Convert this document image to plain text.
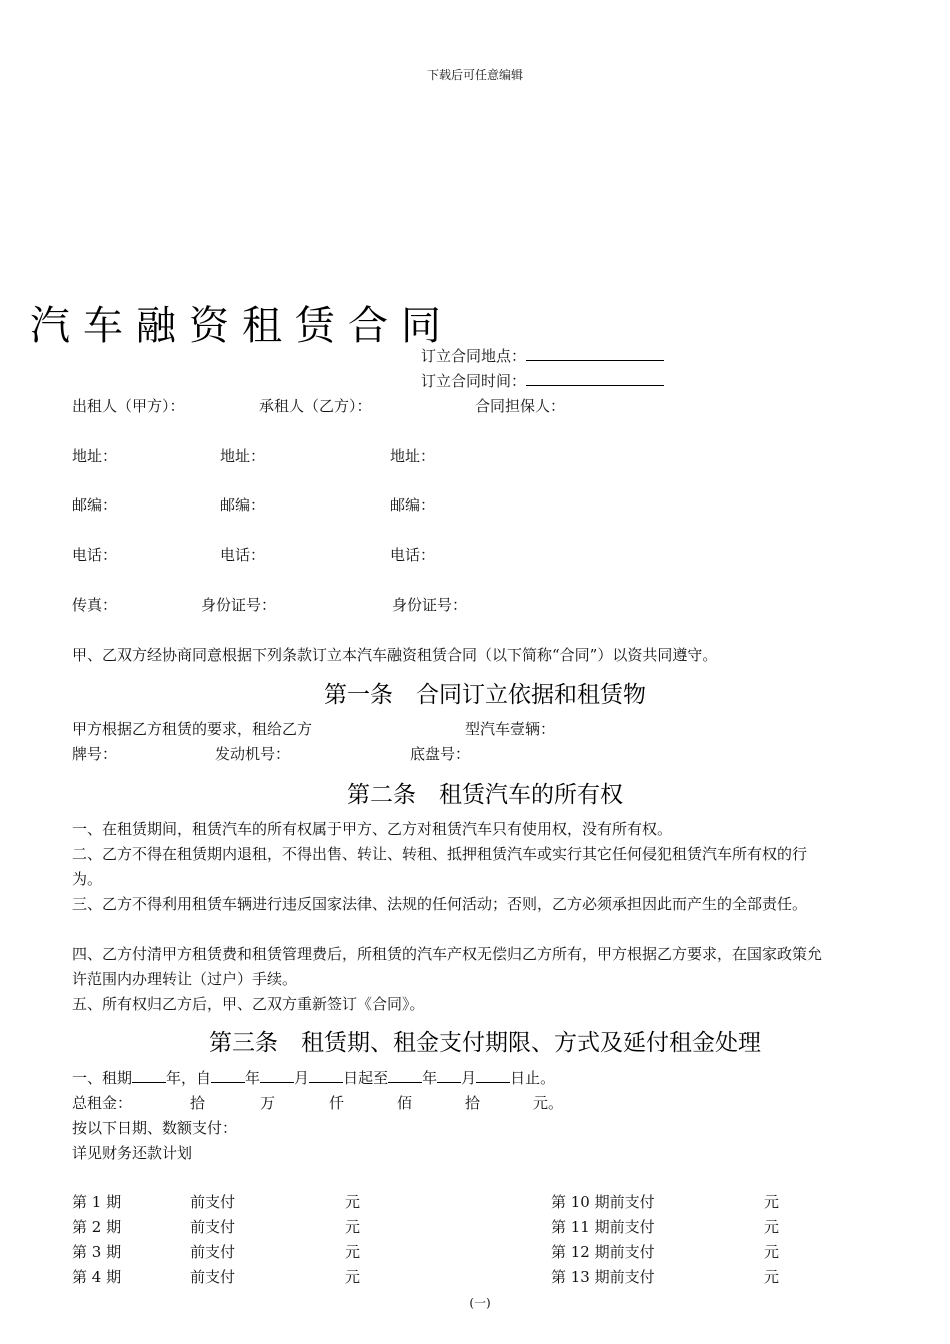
下载后可任意编辑
汽车融资租赁合同
订立合同地点：
订立合同时间：
出租人（甲方）：	承租人（乙方）：	合同担保人：
地址：	地址：	地址：
邮编：	邮编：	邮编：
电话：	电话：	电话：
传真：	身份证号：	身份证号：
甲、乙双方经协商同意根据下列条款订立本汽车融资租赁合同（以下简称“合同”）以资共同遵守。
第一条　合同订立依据和租赁物
甲方根据乙方租赁的要求，租给乙方	型汽车壹辆：
牌号：	发动机号：	底盘号：
第二条　租赁汽车的所有权
一、在租赁期间，租赁汽车的所有权属于甲方、乙方对租赁汽车只有使用权，没有所有权。
二、乙方不得在租赁期内退租，不得出售、转让、转租、抵押租赁汽车或实行其它任何侵犯租赁汽车所有权的行为。
三、乙方不得利用租赁车辆进行违反国家法律、法规的任何活动；否则，乙方必须承担因此而产生的全部责任。
四、乙方付清甲方租赁费和租赁管理费后，所租赁的汽车产权无偿归乙方所有，甲方根据乙方要求，在国家政策允许范围内办理转让（过户）手续。
五、所有权归乙方后，甲、乙双方重新签订《合同》。
第三条　租赁期、租金支付期限、方式及延付租金处理
一、租期 年，自 年 月 日起至 年 月 日止。
总租金：	拾	万	仟	佰	拾	元。
按以下日期、数额支付：
详见财务还款计划
第 1 期	前支付	元	第 10 期前支付	元
第 2 期	前支付	元	第 11 期前支付	元
第 3 期	前支付	元	第 12 期前支付	元
第 4 期	前支付	元	第 13 期前支付	元
(一)
